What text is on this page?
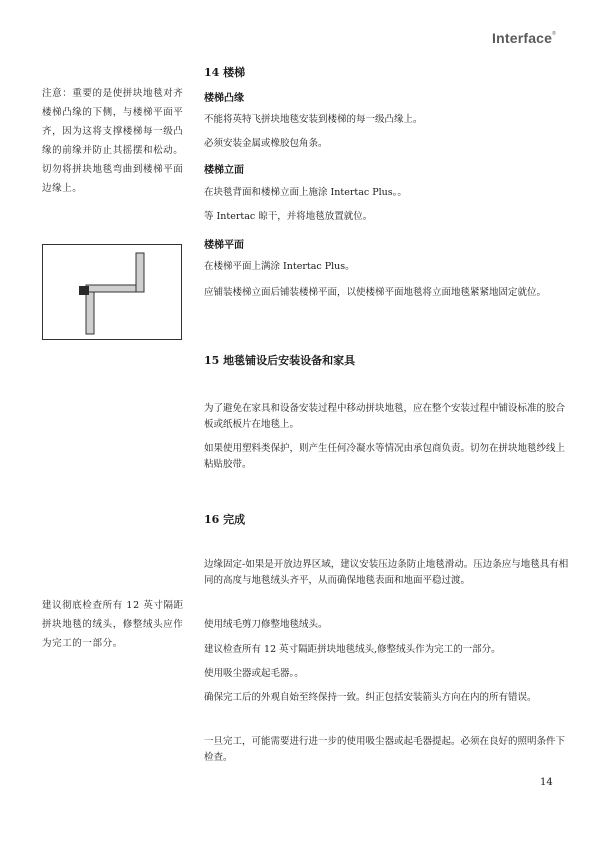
Interface®
注意：重要的是使拼块地毯对齐楼梯凸缘的下侧，与楼梯平面平齐，因为这将支撑楼梯每一级凸缘的前缘并防止其摇摆和松动。切勿将拼块地毯弯曲到楼梯平面边缘上。
建议彻底检查所有 12 英寸隔距拼块地毯的绒头，修整绒头应作为完工的一部分。
14 楼梯
楼梯凸缘
不能将英特飞拼块地毯安装到楼梯的每一级凸缘上。
必须安装金属或橡胶包角条。
楼梯立面
在块毯背面和楼梯立面上施涂 Intertac Plus。。
等 Intertac 晾干，并将地毯放置就位。
楼梯平面
在楼梯平面上满涂 Intertac Plus。
应铺装楼梯立面后铺装楼梯平面，以使楼梯平面地毯将立面地毯紧紧地固定就位。
15 地毯铺设后安装设备和家具
为了避免在家具和设备安装过程中移动拼块地毯，应在整个安装过程中铺设标准的胶合板或纸板片在地毯上。
如果使用塑料类保护，则产生任何冷凝水等情况由承包商负责。切勿在拼块地毯纱线上粘贴胶带。
16 完成
边缘固定-如果是开放边界区域，建议安装压边条防止地毯滑动。压边条应与地毯具有相同的高度与地毯绒头齐平，从而确保地毯表面和地面平稳过渡。
使用绒毛剪刀修整地毯绒头。
建议检查所有 12 英寸隔距拼块地毯绒头,修整绒头作为完工的一部分。
使用吸尘器或起毛器。。
确保完工后的外观自始至终保持一致。纠正包括安装箭头方向在内的所有错误。
一旦完工，可能需要进行进一步的使用吸尘器或起毛器提起。必须在良好的照明条件下检查。
14
